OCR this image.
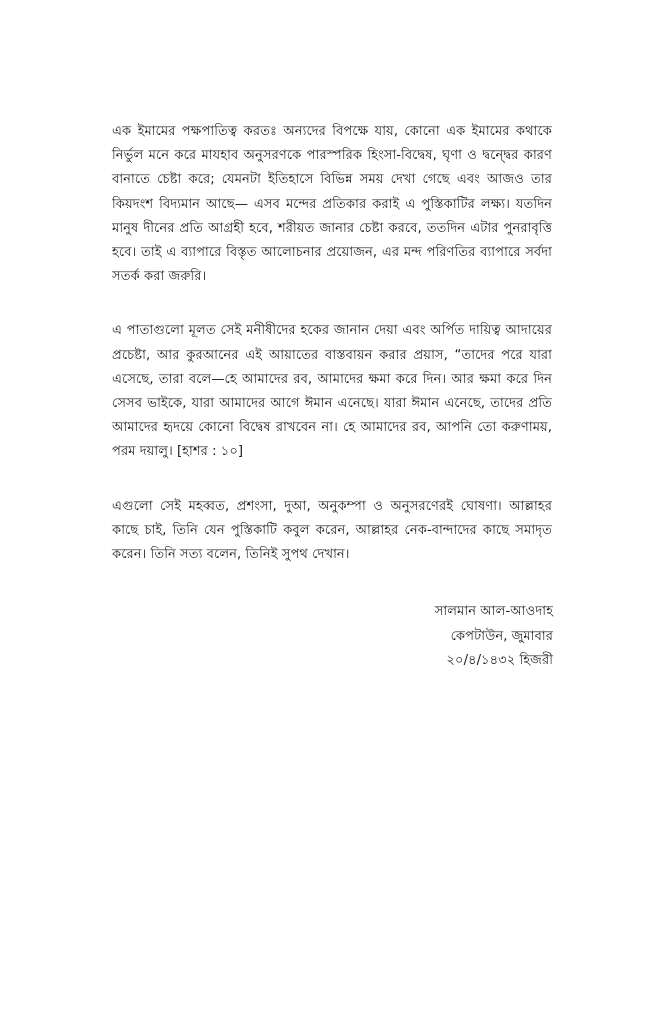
এক ইমামের পক্ষপাতিত্ব করতঃ অন্যদের বিপক্ষে যায়, কোনো এক ইমামের কথাকে নির্ভুল মনে করে মাযহাব অনুসরণকে পারস্পরিক হিংসা-বিদ্বেষ, ঘৃণা ও দ্বন্দ্বের কারণ বানাতে চেষ্টা করে; যেমনটা ইতিহাসে বিভিন্ন সময় দেখা গেছে এবং আজও তার কিয়দংশ বিদ্যমান আছে— এসব মন্দের প্রতিকার করাই এ পুস্তিকাটির লক্ষ্য। যতদিন মানুষ দীনের প্রতি আগ্রহী হবে, শরীয়ত জানার চেষ্টা করবে, ততদিন এটার পুনরাবৃত্তি হবে। তাই এ ব্যাপারে বিস্তৃত আলোচনার প্রয়োজন, এর মন্দ পরিণতির ব্যাপারে সর্বদা সতর্ক করা জরুরি।

এ পাতাগুলো মূলত সেই মনীষীদের হকের জানান দেয়া এবং অর্পিত দায়িত্ব আদায়ের প্রচেষ্টা, আর কুরআনের এই আয়াতের বাস্তবায়ন করার প্রয়াস, “তাদের পরে যারা এসেছে, তারা বলে—হে আমাদের রব, আমাদের ক্ষমা করে দিন। আর ক্ষমা করে দিন সেসব ভাইকে, যারা আমাদের আগে ঈমান এনেছে। যারা ঈমান এনেছে, তাদের প্রতি আমাদের হৃদয়ে কোনো বিদ্বেষ রাখবেন না। হে আমাদের রব, আপনি তো করুণাময়, পরম দয়ালু। [হাশর : ১০]

এগুলো সেই মহব্বত, প্রশংসা, দুআ, অনুকম্পা ও অনুসরণেরই ঘোষণা। আল্লাহর কাছে চাই, তিনি যেন পুস্তিকাটি কবুল করেন, আল্লাহর নেক-বান্দাদের কাছে সমাদৃত করেন। তিনি সত্য বলেন, তিনিই সুপথ দেখান।

সালমান আল-আওদাহ
কেপটাউন, জুমাবার
২০/৪/১৪৩২ হিজরী
